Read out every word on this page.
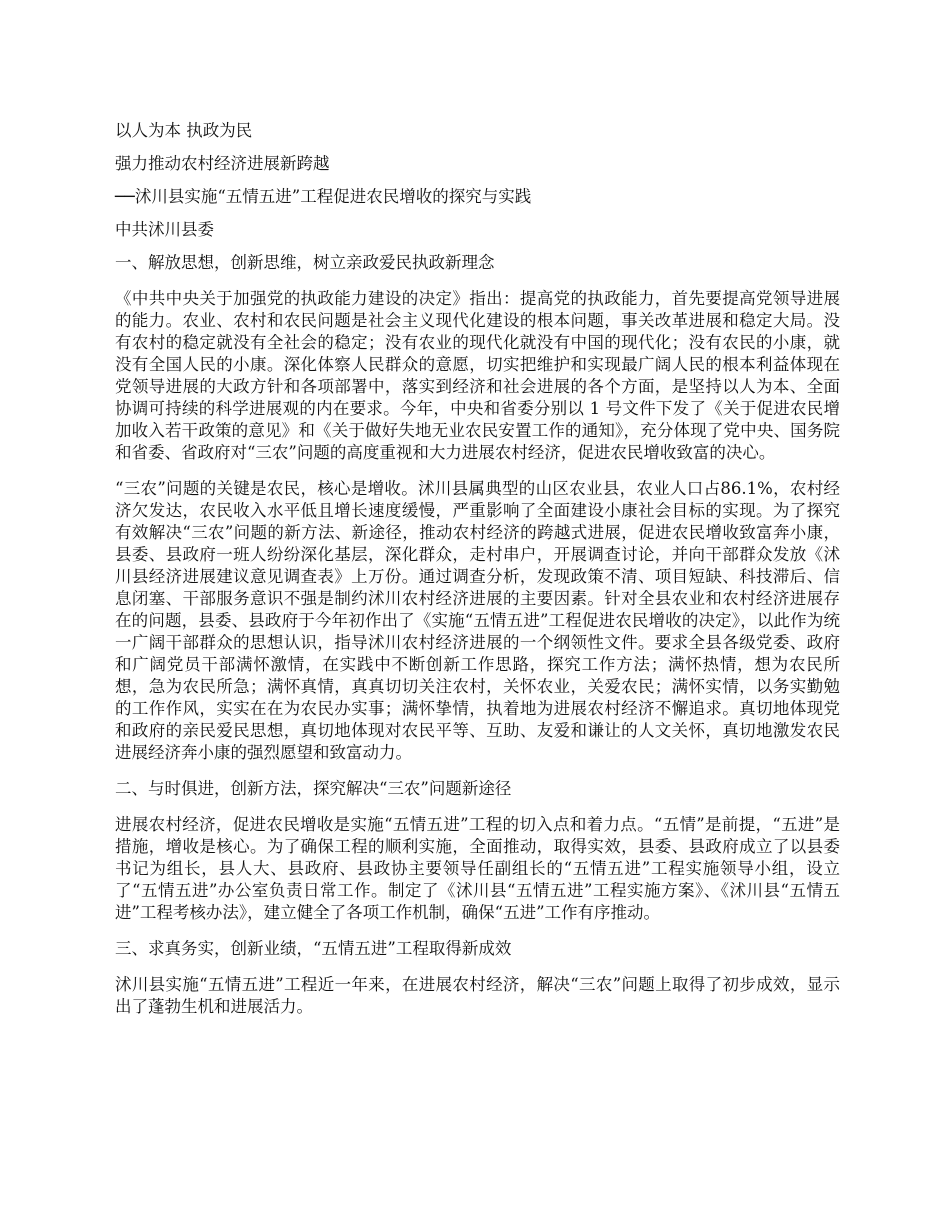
以人为本 执政为民
强力推动农村经济进展新跨越
──沭川县实施“五情五进”工程促进农民增收的探究与实践
中共沭川县委
一、解放思想，创新思维，树立亲政爱民执政新理念
《中共中央关于加强党的执政能力建设的决定》指出：提高党的执政能力，首先要提高党领导进展的能力。农业、农村和农民问题是社会主义现代化建设的根本问题，事关改革进展和稳定大局。没有农村的稳定就没有全社会的稳定；没有农业的现代化就没有中国的现代化；没有农民的小康，就没有全国人民的小康。深化体察人民群众的意愿，切实把维护和实现最广阔人民的根本利益体现在党领导进展的大政方针和各项部署中，落实到经济和社会进展的各个方面，是坚持以人为本、全面协调可持续的科学进展观的内在要求。今年，中央和省委分别以 1 号文件下发了《关于促进农民增加收入若干政策的意见》和《关于做好失地无业农民安置工作的通知》，充分体现了党中央、国务院和省委、省政府对“三农”问题的高度重视和大力进展农村经济，促进农民增收致富的决心。
“三农”问题的关键是农民，核心是增收。沭川县属典型的山区农业县，农业人口占86.1%，农村经济欠发达，农民收入水平低且增长速度缓慢，严重影响了全面建设小康社会目标的实现。为了探究有效解决“三农”问题的新方法、新途径，推动农村经济的跨越式进展，促进农民增收致富奔小康，县委、县政府一班人纷纷深化基层，深化群众，走村串户，开展调查讨论，并向干部群众发放《沭川县经济进展建议意见调查表》上万份。通过调查分析，发现政策不清、项目短缺、科技滞后、信息闭塞、干部服务意识不强是制约沭川农村经济进展的主要因素。针对全县农业和农村经济进展存在的问题，县委、县政府于今年初作出了《实施“五情五进”工程促进农民增收的决定》，以此作为统一广阔干部群众的思想认识，指导沭川农村经济进展的一个纲领性文件。要求全县各级党委、政府和广阔党员干部满怀激情，在实践中不断创新工作思路，探究工作方法；满怀热情，想为农民所想，急为农民所急；满怀真情，真真切切关注农村，关怀农业，关爱农民；满怀实情，以务实勤勉的工作作风，实实在在为农民办实事；满怀挚情，执着地为进展农村经济不懈追求。真切地体现党和政府的亲民爱民思想，真切地体现对农民平等、互助、友爱和谦让的人文关怀，真切地激发农民进展经济奔小康的强烈愿望和致富动力。
二、与时俱进，创新方法，探究解决“三农”问题新途径
进展农村经济，促进农民增收是实施“五情五进”工程的切入点和着力点。“五情”是前提，“五进”是措施，增收是核心。为了确保工程的顺利实施，全面推动，取得实效，县委、县政府成立了以县委书记为组长，县人大、县政府、县政协主要领导任副组长的“五情五进”工程实施领导小组，设立了“五情五进”办公室负责日常工作。制定了《沭川县“五情五进”工程实施方案》、《沭川县“五情五进”工程考核办法》，建立健全了各项工作机制，确保“五进”工作有序推动。
三、求真务实，创新业绩，“五情五进”工程取得新成效
沭川县实施“五情五进”工程近一年来，在进展农村经济，解决“三农”问题上取得了初步成效，显示出了蓬勃生机和进展活力。
